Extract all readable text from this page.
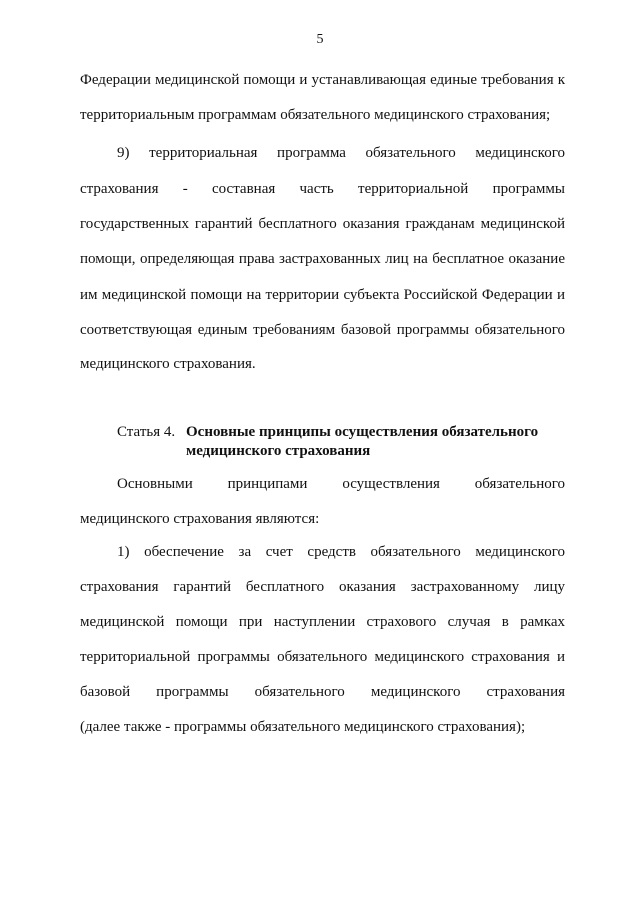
5
Федерации медицинской помощи и устанавливающая единые требования к
территориальным программам обязательного медицинского страхования;
9) территориальная программа обязательного медицинского
страхования - составная часть территориальной программы
государственных гарантий бесплатного оказания гражданам медицинской
помощи, определяющая права застрахованных лиц на бесплатное оказание
им медицинской помощи на территории субъекта Российской Федерации и
соответствующая единым требованиям базовой программы обязательного
медицинского страхования.
Статья 4. Основные принципы осуществления обязательного
медицинского страхования
Основными принципами осуществления обязательного
медицинского страхования являются:
1) обеспечение за счет средств обязательного медицинского
страхования гарантий бесплатного оказания застрахованному лицу
медицинской помощи при наступлении страхового случая в рамках
территориальной программы обязательного медицинского страхования и
базовой программы обязательного медицинского страхования
(далее также - программы обязательного медицинского страхования);
